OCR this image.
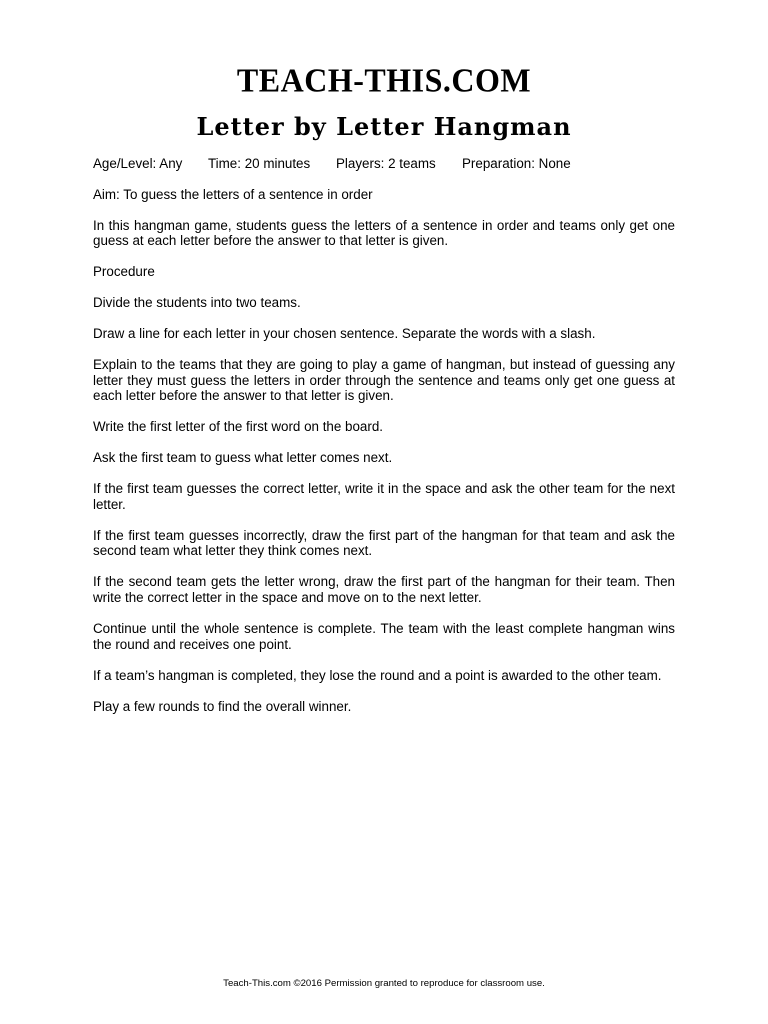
TEACH-THIS.COM
Letter by Letter Hangman
Age/Level: Any	Time: 20 minutes	Players: 2 teams	Preparation: None

Aim: To guess the letters of a sentence in order

In this hangman game, students guess the letters of a sentence in order and teams only get one guess at each letter before the answer to that letter is given.

Procedure

Divide the students into two teams.

Draw a line for each letter in your chosen sentence. Separate the words with a slash.

Explain to the teams that they are going to play a game of hangman, but instead of guessing any letter they must guess the letters in order through the sentence and teams only get one guess at each letter before the answer to that letter is given.

Write the first letter of the first word on the board.

Ask the first team to guess what letter comes next.

If the first team guesses the correct letter, write it in the space and ask the other team for the next letter.

If the first team guesses incorrectly, draw the first part of the hangman for that team and ask the second team what letter they think comes next.

If the second team gets the letter wrong, draw the first part of the hangman for their team. Then write the correct letter in the space and move on to the next letter.

Continue until the whole sentence is complete. The team with the least complete hangman wins the round and receives one point.

If a team’s hangman is completed, they lose the round and a point is awarded to the other team.

Play a few rounds to find the overall winner.

Teach-This.com ©2016 Permission granted to reproduce for classroom use.
